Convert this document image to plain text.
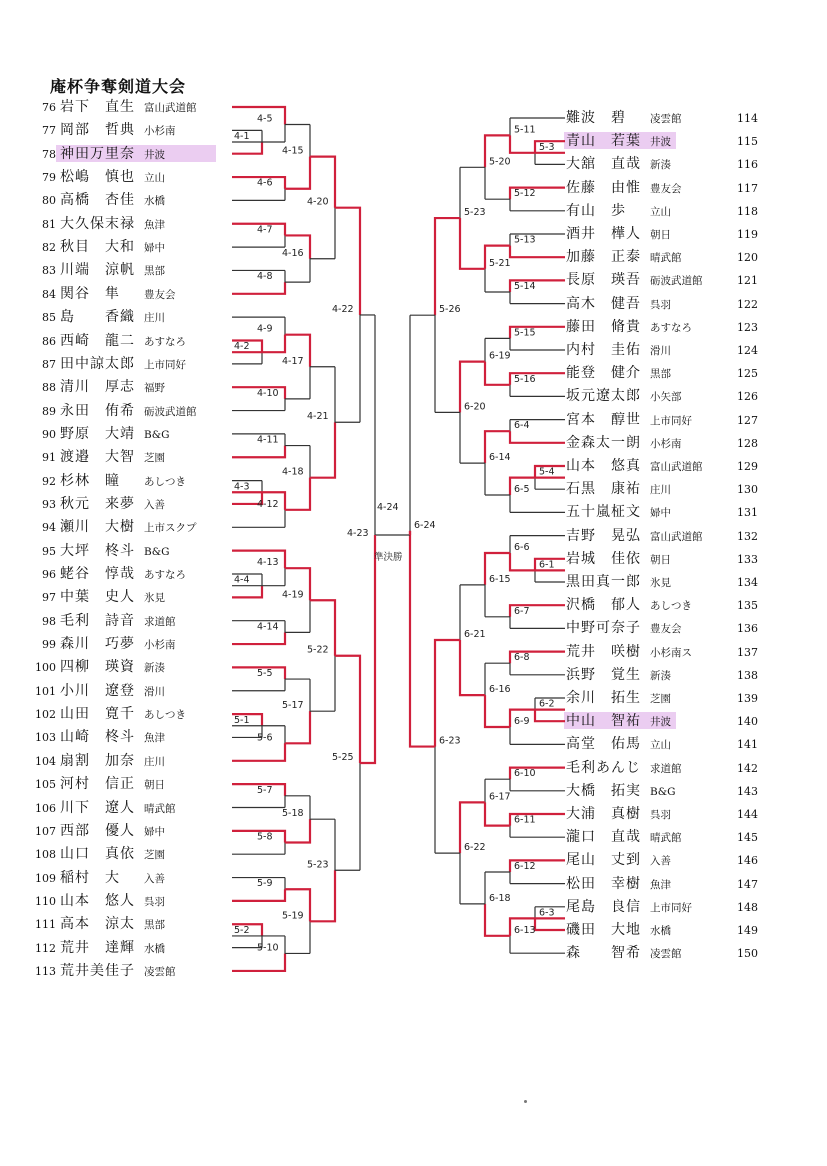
庵杯争奪剣道大会
4-1
4-5
4-6
4-15
4-7
4-8
4-16
4-20
4-2
4-9
4-10
4-17
4-3
4-11
4-12
4-18
4-21
4-22
4-4
4-13
4-14
4-19
5-1
5-5
5-6
5-17
5-22
5-7
5-8
5-18
5-2
5-9
5-10
5-19
5-23
5-25
4-23
5-3
5-11
5-12
5-20
5-13
5-14
5-21
5-23
5-15
5-16
6-19
5-4
6-4
6-5
6-14
6-20
5-26
6-1
6-6
6-7
6-15
6-2
6-8
6-9
6-16
6-21
6-10
6-11
6-17
6-3
6-12
6-13
6-18
6-22
6-23
6-24
4-24
準決勝
76 岩下　直生 富山武道館
77 岡部　哲典 小杉南
78 神田万里奈 井波
79 松嶋　慎也 立山
80 高橋　杏佳 水橋
81 大久保末禄 魚津
82 秋目　大和 婦中
83 川端　涼帆 黒部
84 関谷　隼 豊友会
85 島　　香織 庄川
86 西崎　龍二 あすなろ
87 田中諒太郎 上市同好
88 清川　厚志 福野
89 永田　侑希 砺波武道館
90 野原　大靖 B&G
91 渡邉　大智 芝園
92 杉林　瞳 あしつき
93 秋元　来夢 入善
94 瀬川　大樹 上市スクプ
95 大坪　柊斗 B&G
96 蛯谷　惇哉 あすなろ
97 中葉　史人 氷見
98 毛利　詩音 求道館
99 森川　巧夢 小杉南
100 四柳　瑛資 新湊
101 小川　遼登 滑川
102 山田　寛千 あしつき
103 山崎　柊斗 魚津
104 扇割　加奈 庄川
105 河村　信正 朝日
106 川下　遼人 晴武館
107 西部　優人 婦中
108 山口　真依 芝園
109 稲村　大 入善
110 山本　悠人 呉羽
111 高本　涼太 黒部
112 荒井　達輝 水橋
113 荒井美佳子 凌雲館
難波　碧 凌雲館	114
青山　若葉 井波	115
大舘　直哉 新湊	116
佐藤　由惟 豊友会	117
有山　歩 立山	118
酒井　樺人 朝日	119
加藤　正泰 晴武館	120
長原　瑛吾 砺波武道館	121
高木　健吾 呉羽	122
藤田　脩貴 あすなろ	123
内村　圭佑 滑川	124
能登　健介 黒部	125
坂元遼太郎 小矢部	126
宮本　醇世 上市同好	127
金森太一朗 小杉南	128
山本　悠真 富山武道館	129
石黒　康祐 庄川	130
五十嵐柾文 婦中	131
吉野　晃弘 富山武道館	132
岩城　佳依 朝日	133
黒田真一郎 氷見	134
沢橋　郁人 あしつき	135
中野可奈子 豊友会	136
荒井　咲樹 小杉南ス	137
浜野　覚生 新湊	138
余川　拓生 芝園	139
中山　智祐 井波	140
高堂　佑馬 立山	141
毛利あんじ 求道館	142
大橋　拓実 B&G	143
大浦　真樹 呉羽	144
瀧口　直哉 晴武館	145
尾山　丈到 入善	146
松田　幸樹 魚津	147
尾島　良信 上市同好	148
磯田　大地 水橋	149
森　　智希 凌雲館	150
